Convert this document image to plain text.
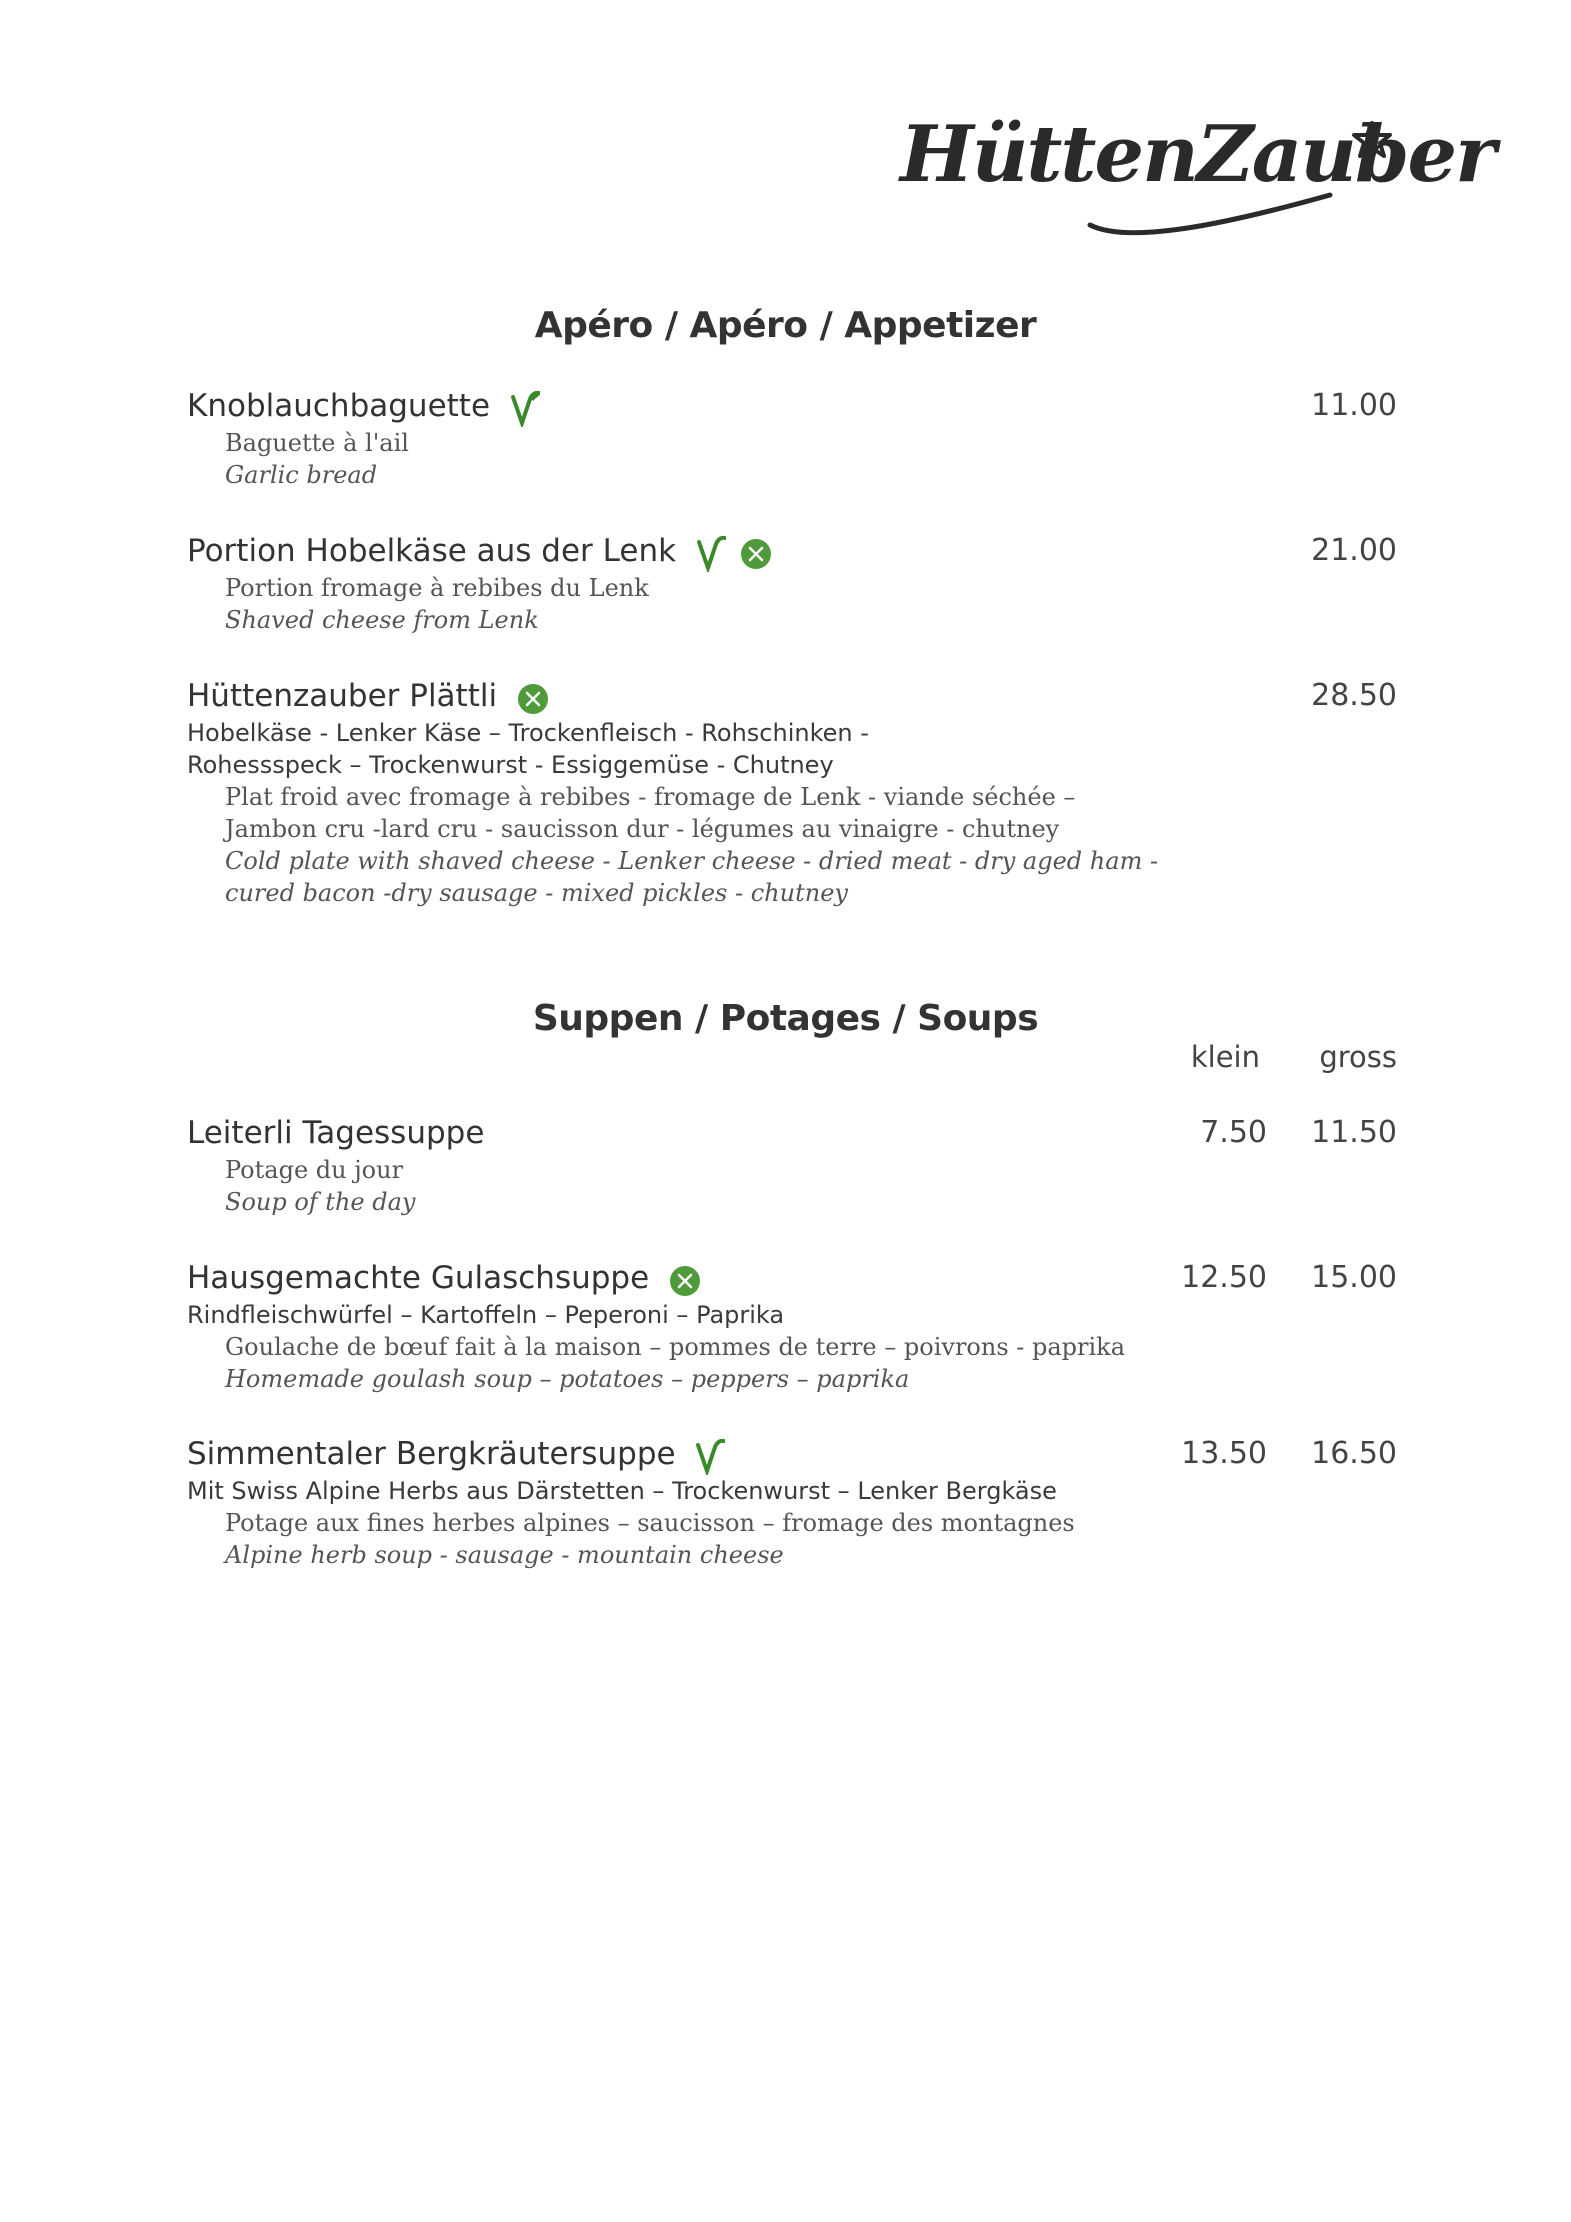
HüttenZauber
Apéro / Apéro / Appetizer
Knoblauchbaguette	11.00
Baguette à l'ail
Garlic bread
Portion Hobelkäse aus der Lenk	21.00
Portion fromage à rebibes du Lenk
Shaved cheese from Lenk
Hüttenzauber Plättli	28.50
Hobelkäse - Lenker Käse – Trockenfleisch - Rohschinken -
Rohessspeck – Trockenwurst - Essiggemüse - Chutney
Plat froid avec fromage à rebibes - fromage de Lenk - viande séchée –
Jambon cru -lard cru - saucisson dur - légumes au vinaigre - chutney
Cold plate with shaved cheese - Lenker cheese - dried meat - dry aged ham -
cured bacon -dry sausage - mixed pickles - chutney
Suppen / Potages / Soups
klein	gross
Leiterli Tagessuppe	7.50	11.50
Potage du jour
Soup of the day
Hausgemachte Gulaschsuppe	12.50	15.00
Rindfleischwürfel – Kartoffeln – Peperoni – Paprika
Goulache de bœuf fait à la maison – pommes de terre – poivrons - paprika
Homemade goulash soup – potatoes – peppers – paprika
Simmentaler Bergkräutersuppe	13.50	16.50
Mit Swiss Alpine Herbs aus Därstetten – Trockenwurst – Lenker Bergkäse
Potage aux fines herbes alpines – saucisson – fromage des montagnes
Alpine herb soup - sausage - mountain cheese
